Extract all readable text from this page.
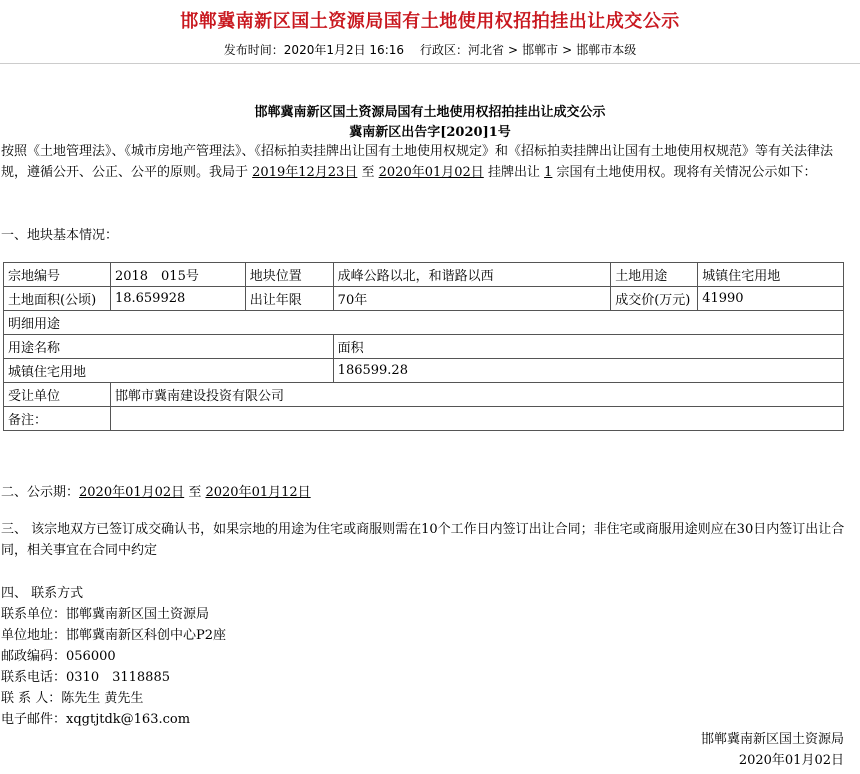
邯郸冀南新区国土资源局国有土地使用权招拍挂出让成交公示
发布时间：2020年1月2日 16:16 行政区：河北省 > 邯郸市 > 邯郸市本级
邯郸冀南新区国土资源局国有土地使用权招拍挂出让成交公示
冀南新区出告字[2020]1号
按照《土地管理法》、《城市房地产管理法》、《招标拍卖挂牌出让国有土地使用权规定》和《招标拍卖挂牌出让国有土地使用权规范》等有关法律法规，遵循公开、公正、公平的原则。我局于 2019年12月23日 至 2020年01月02日 挂牌出让 1 宗国有土地使用权。现将有关情况公示如下：
一、地块基本情况：
宗地编号	2018　015号	地块位置	成峰公路以北，和谐路以西	土地用途	城镇住宅用地
土地面积(公顷)	18.659928	出让年限	70年	成交价(万元)	41990
明细用途					
用途名称			面积		
城镇住宅用地			186599.28		
受让单位	邯郸市冀南建设投资有限公司				
备注：					
二、公示期：2020年01月02日 至 2020年01月12日
三、 该宗地双方已签订成交确认书，如果宗地的用途为住宅或商服则需在10个工作日内签订出让合同；非住宅或商服用途则应在30日内签订出让合同，相关事宜在合同中约定
四、 联系方式
联系单位：邯郸冀南新区国土资源局
单位地址：邯郸冀南新区科创中心P2座
邮政编码：056000
联系电话：0310　3118885
联 系 人：陈先生 黄先生
电子邮件：xqgtjtdk@163.com
邯郸冀南新区国土资源局
2020年01月02日
